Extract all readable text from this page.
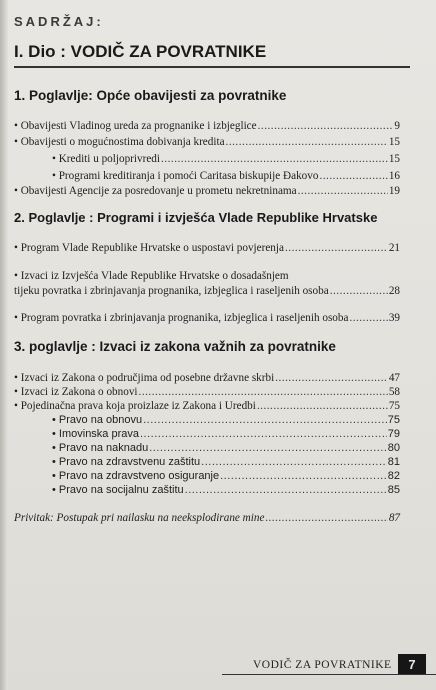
SADRŽAJ:
I. Dio : VODIČ ZA POVRATNIKE
1. Poglavlje: Opće obavijesti za povratnike
• Obavijesti Vladinog ureda za prognanike i izbjeglice .....	9
• Obavijesti o mogućnostima dobivanja kredita .....	15
• Krediti u poljoprivredi .....	15
• Programi kreditiranja i pomoći Caritasa biskupije Đakovo .....	16
• Obavijesti Agencije za posredovanje u prometu nekretninama .....	19
2. Poglavlje : Programi i izvješća Vlade Republike Hrvatske
• Program Vlade Republike Hrvatske o uspostavi povjerenja .....	21
• Izvaci iz Izvješća Vlade Republike Hrvatske o dosadašnjem
tijeku povratka i zbrinjavanja prognanika, izbjeglica i raseljenih osoba .....	28
• Program povratka i zbrinjavanja prognanika, izbjeglica i raseljenih osoba .....	39
3. poglavlje : Izvaci iz zakona važnih za povratnike
• Izvaci iz Zakona o područjima od posebne državne skrbi .....	47
• Izvaci iz Zakona o obnovi .....	58
• Pojedinačna prava koja proizlaze iz Zakona i Uredbi .....	75
• Pravo na obnovu .....	75
• Imovinska prava .....	79
• Pravo na naknadu .....	80
• Pravo na zdravstvenu zaštitu .....	81
• Pravo na zdravstveno osiguranje .....	82
• Pravo na socijalnu zaštitu .....	85
Privitak: Postupak pri nailasku na neeksplodirane mine .....	87
VODIČ ZA POVRATNIKE	7
